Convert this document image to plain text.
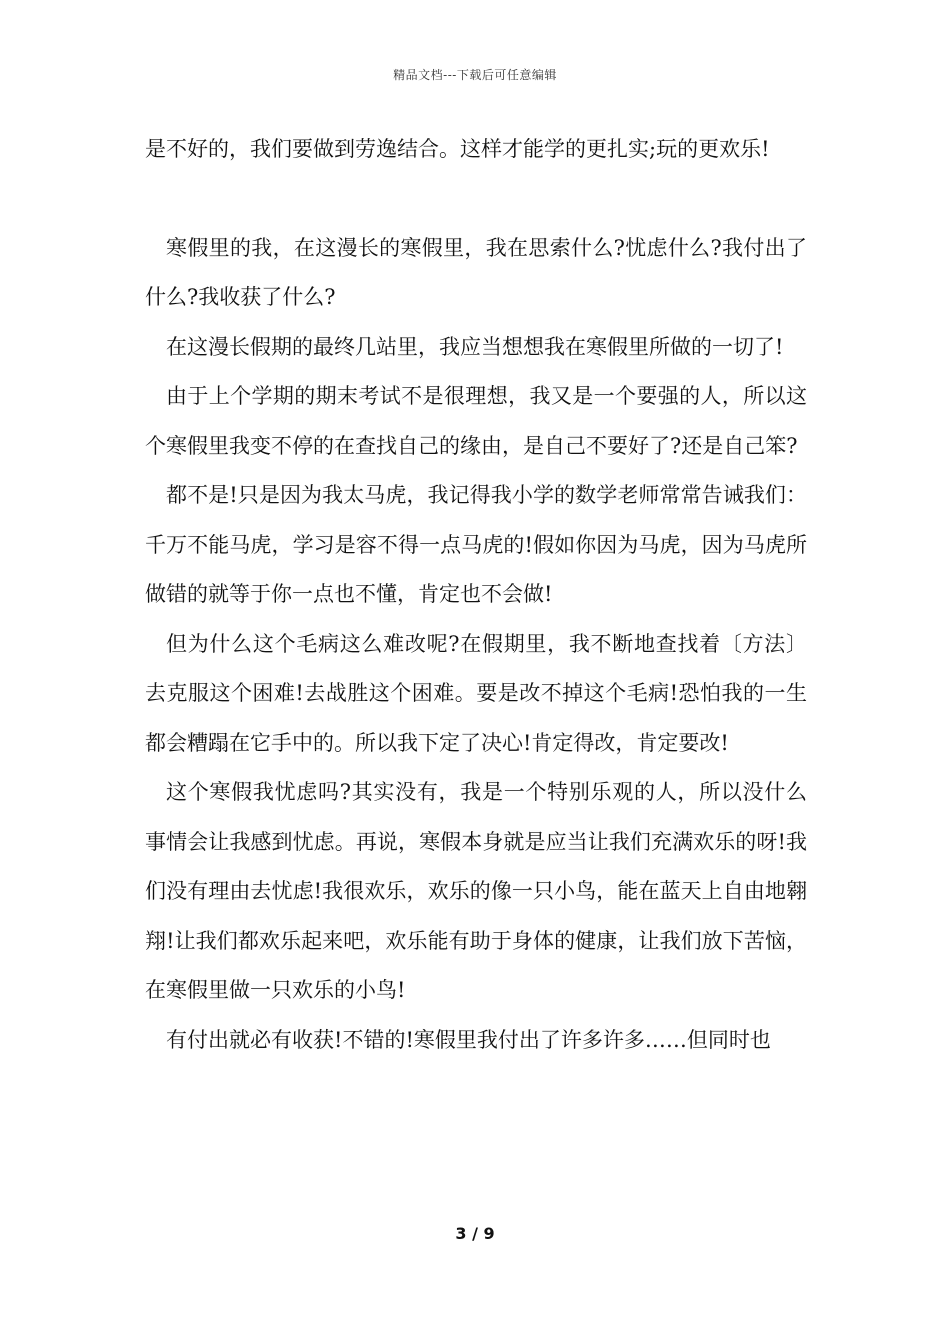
精品文档---下载后可任意编辑

是不好的，我们要做到劳逸结合。这样才能学的更扎实;玩的更欢乐!

寒假里的我，在这漫长的寒假里，我在思索什么?忧虑什么?我付出了什么?我收获了什么?

在这漫长假期的最终几站里，我应当想想我在寒假里所做的一切了!

由于上个学期的期末考试不是很理想，我又是一个要强的人，所以这个寒假里我变不停的在查找自己的缘由，是自己不要好了?还是自己笨?

都不是!只是因为我太马虎，我记得我小学的数学老师常常告诫我们：千万不能马虎，学习是容不得一点马虎的!假如你因为马虎，因为马虎所做错的就等于你一点也不懂，肯定也不会做!

但为什么这个毛病这么难改呢?在假期里，我不断地查找着〔方法〕去克服这个困难!去战胜这个困难。要是改不掉这个毛病!恐怕我的一生都会糟蹋在它手中的。所以我下定了决心!肯定得改，肯定要改!

这个寒假我忧虑吗?其实没有，我是一个特别乐观的人，所以没什么事情会让我感到忧虑。再说，寒假本身就是应当让我们充满欢乐的呀!我们没有理由去忧虑!我很欢乐，欢乐的像一只小鸟，能在蓝天上自由地翱翔!让我们都欢乐起来吧，欢乐能有助于身体的健康，让我们放下苦恼，在寒假里做一只欢乐的小鸟!

有付出就必有收获!不错的!寒假里我付出了许多许多……但同时也

3 / 9
